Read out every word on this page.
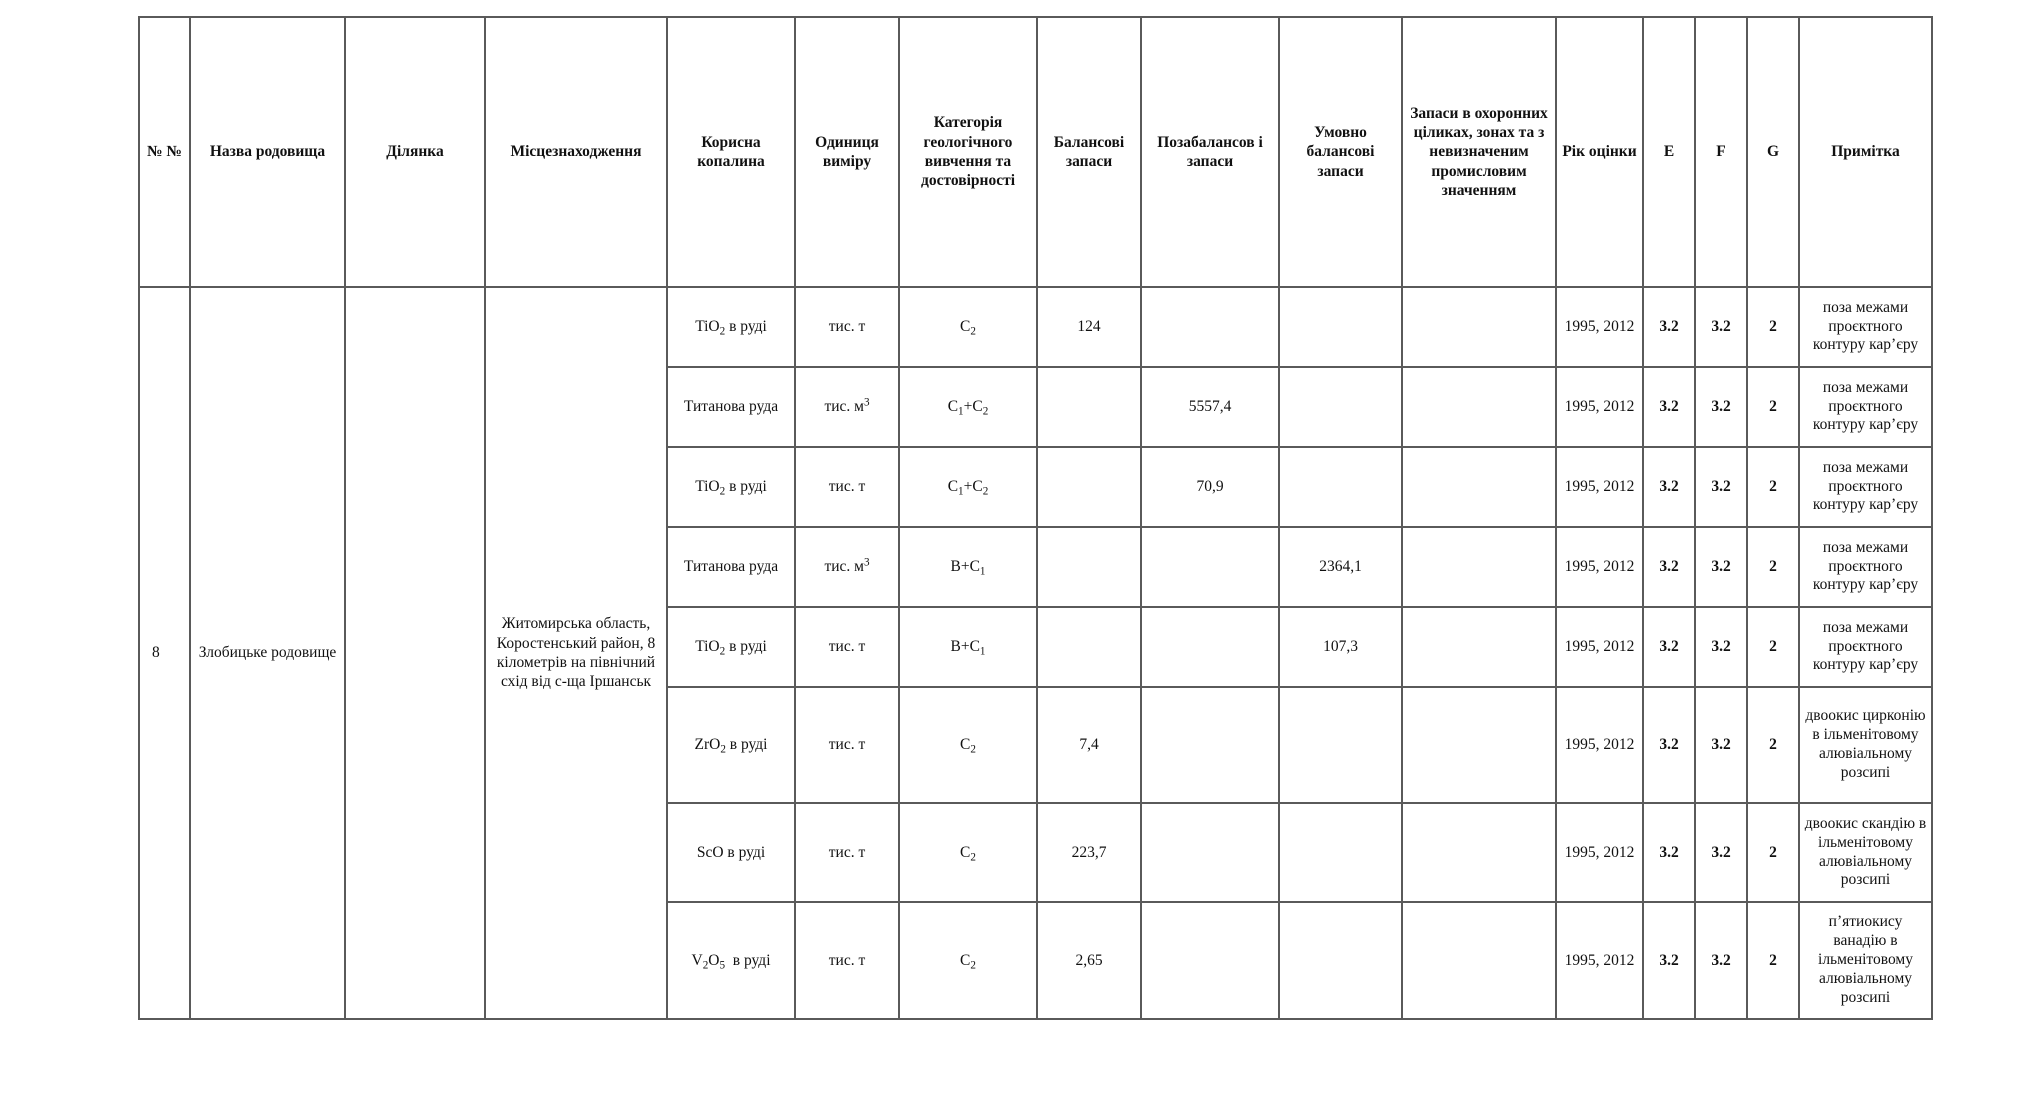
№ №	Назва родовища	Ділянка	Місцезнаходження	Корисна копалина	Одиниця виміру	Категорія геологічного вивчення та достовірності	Балансові запаси	Позабалансов і запаси	Умовно балансові запаси	Запаси в охоронних цiликах, зонах та з невизначеним промисловим значенням	Рік оцінки	E	F	G	Примітка
8	Злобицьке родовище		Житомирська область, Коростенський район, 8 кілометрів на північний схід від с-ща Іршанськ	TiO$_2$ в руді	тис. т	$C_2$	124				1995, 2012	3.2	3.2	2	поза межами проєктного контуру кар’єру
				Титанова руда	тис. $м^3$	$C_1+C_2$		5557,4			1995, 2012	3.2	3.2	2	поза межами проєктного контуру кар’єру
				TiO$_2$ в руді	тис. т	$C_1+C_2$		70,9			1995, 2012	3.2	3.2	2	поза межами проєктного контуру кар’єру
				Титанова руда	тис. $м^3$	$B+C_1$			2364,1		1995, 2012	3.2	3.2	2	поза межами проєктного контуру кар’єру
				TiO$_2$ в руді	тис. т	$B+C_1$			107,3		1995, 2012	3.2	3.2	2	поза межами проєктного контуру кар’єру
				ZrO$_2$ в руді	тис. т	$C_2$	7,4				1995, 2012	3.2	3.2	2	двоокис цирконію в ільменітовому алювіальному розсипі
				ScO в руді	тис. т	$C_2$	223,7				1995, 2012	3.2	3.2	2	двоокис скандію в ільменітовому алювіальному розсипі
				$V_2O_5$  в руді	тис. т	$C_2$	2,65				1995, 2012	3.2	3.2	2	п’ятиокису ванадію в ільменітовому алювіальному розсипі
